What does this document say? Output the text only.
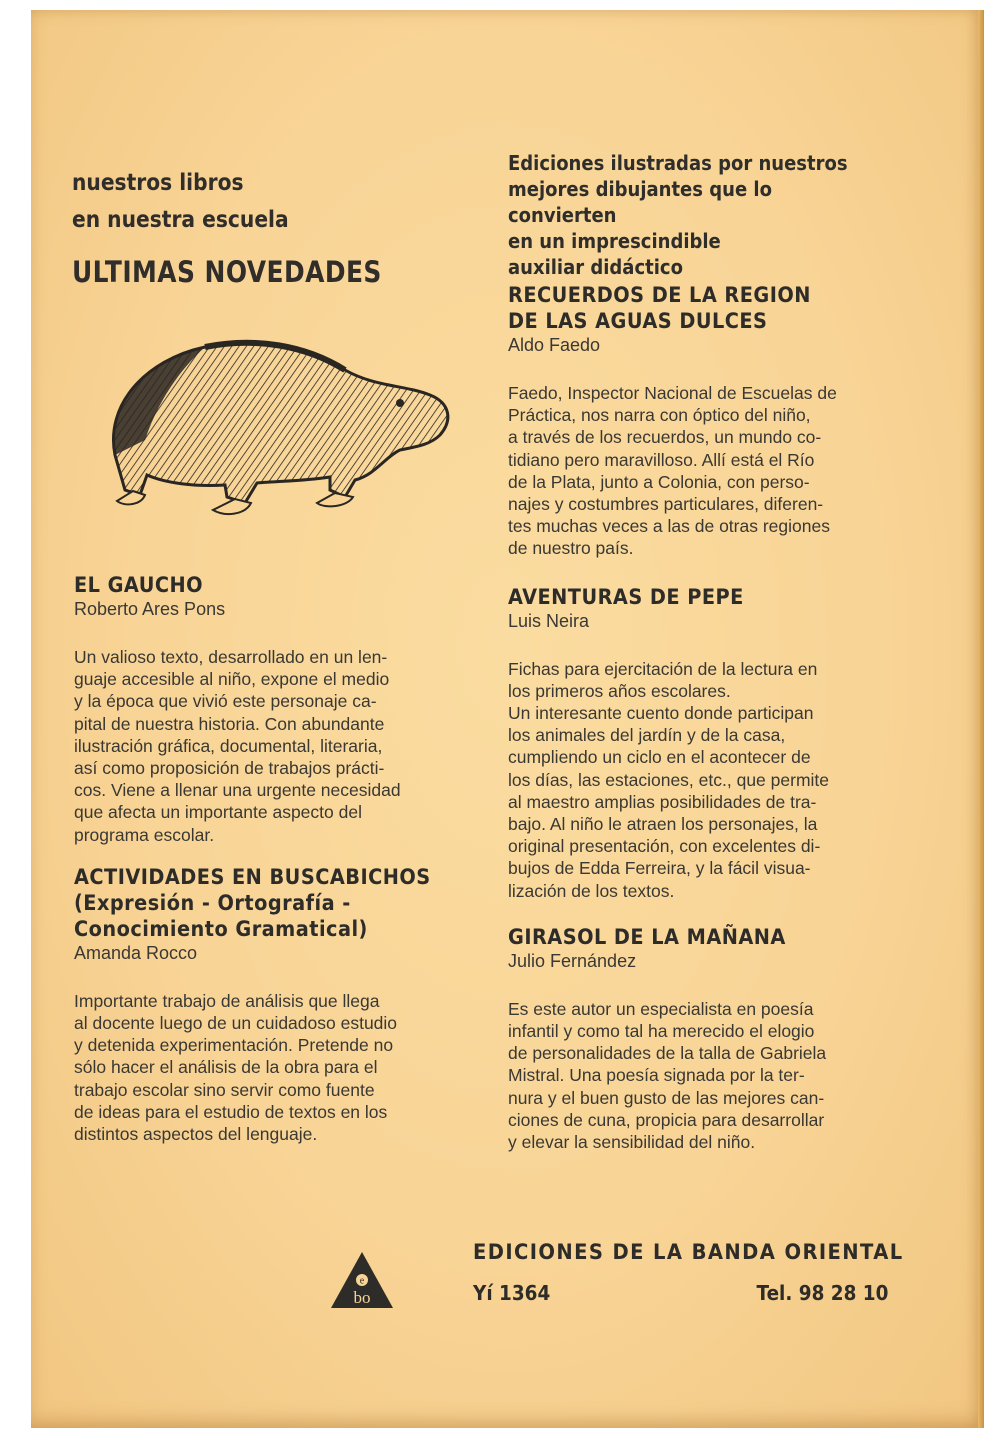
nuestros libros
en nuestra escuela
ULTIMAS NOVEDADES
EL GAUCHO
Roberto Ares Pons
Un valioso texto, desarrollado en un len-
guaje accesible al niño, expone el medio
y la época que vivió este personaje ca-
pital de nuestra historia. Con abundante
ilustración gráfica, documental, literaria,
así como proposición de trabajos prácti-
cos. Viene a llenar una urgente necesidad
que afecta un importante aspecto del
programa escolar.
ACTIVIDADES EN BUSCABICHOS
(Expresión - Ortografía -
Conocimiento Gramatical)
Amanda Rocco
Importante trabajo de análisis que llega
al docente luego de un cuidadoso estudio
y detenida experimentación. Pretende no
sólo hacer el análisis de la obra para el
trabajo escolar sino servir como fuente
de ideas para el estudio de textos en los
distintos aspectos del lenguaje.
Ediciones ilustradas por nuestros
mejores dibujantes que lo convierten
en un imprescindible
auxiliar didáctico
RECUERDOS DE LA REGION
DE LAS AGUAS DULCES
Aldo Faedo
Faedo, Inspector Nacional de Escuelas de
Práctica, nos narra con óptico del niño,
a través de los recuerdos, un mundo co-
tidiano pero maravilloso. Allí está el Río
de la Plata, junto a Colonia, con perso-
najes y costumbres particulares, diferen-
tes muchas veces a las de otras regiones
de nuestro país.
AVENTURAS DE PEPE
Luis Neira
Fichas para ejercitación de la lectura en
los primeros años escolares.
Un interesante cuento donde participan
los animales del jardín y de la casa,
cumpliendo un ciclo en el acontecer de
los días, las estaciones, etc., que permite
al maestro amplias posibilidades de tra-
bajo. Al niño le atraen los personajes, la
original presentación, con excelentes di-
bujos de Edda Ferreira, y la fácil visua-
lización de los textos.
GIRASOL DE LA MAÑANA
Julio Fernández
Es este autor un especialista en poesía
infantil y como tal ha merecido el elogio
de personalidades de la talla de Gabriela
Mistral. Una poesía signada por la ter-
nura y el buen gusto de las mejores can-
ciones de cuna, propicia para desarrollar
y elevar la sensibilidad del niño.
e
bo
EDICIONES DE LA BANDA ORIENTAL
Yí 1364	Tel. 98 28 10
